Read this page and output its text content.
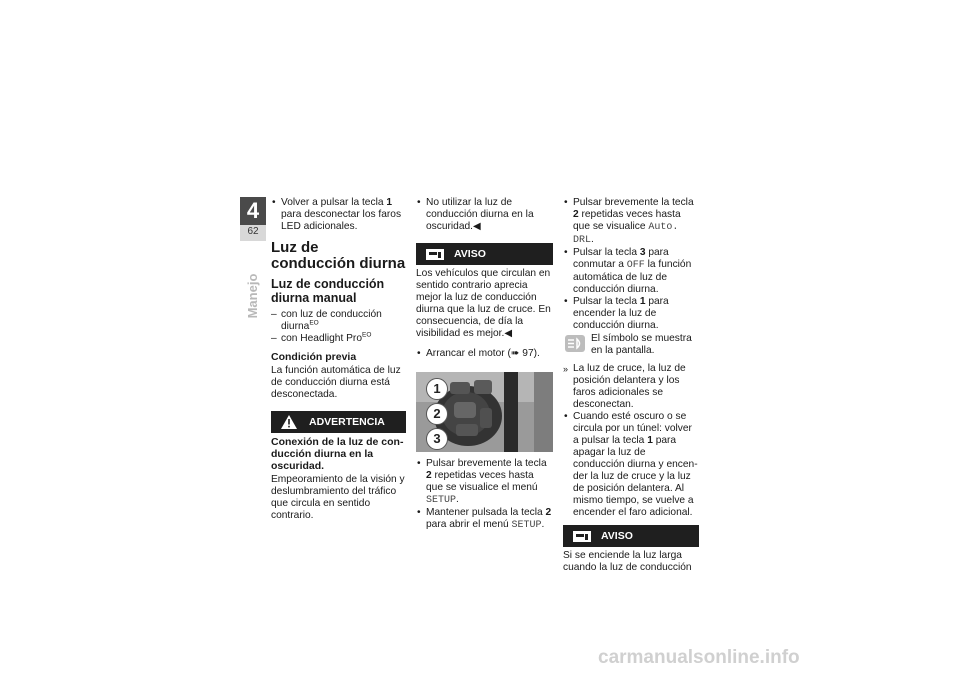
4
62
Manejo

• Volver a pulsar la tecla 1 para desconectar los faros LED adicionales.

Luz de conducción diurna
Luz de conducción diurna manual

– con luz de conducción diurna$^{EO}$

– con Headlight Pro$^{EO}$

Condición previa

La función automática de luz de conducción diurna está desconectada.

ADVERTENCIA

Conexión de la luz de conducción diurna en la oscuridad.

Empeoramiento de la visión y deslumbramiento del tráfico que circula en sentido contrario.

• No utilizar la luz de conducción diurna en la oscuridad.◀

AVISO

Los vehículos que circulan en sentido contrario aprecia mejor la luz de conducción diurna que la luz de cruce. En consecuencia, de día la visibilidad es mejor.◀

• Arrancar el motor (➠ 97).

1
2
3

• Pulsar brevemente la tecla 2 repetidas veces hasta que se visualice el menú SETUP.

• Mantener pulsada la tecla 2 para abrir el menú SETUP.

• Pulsar brevemente la tecla 2 repetidas veces hasta que se visualice Auto. DRL.

• Pulsar la tecla 3 para conmutar a OFF la función automática de luz de conducción diurna.

• Pulsar la tecla 1 para encender la luz de conducción diurna.

El símbolo se muestra en la pantalla.

» La luz de cruce, la luz de posición delantera y los faros adicionales se desconectan.

• Cuando esté oscuro o se circula por un túnel: volver a pulsar la tecla 1 para apagar la luz de conducción diurna y encender la luz de cruce y la luz de posición delantera. Al mismo tiempo, se vuelve a encender el faro adicional.

AVISO

Si se enciende la luz larga cuando la luz de conducción

carmanualsonline.info
